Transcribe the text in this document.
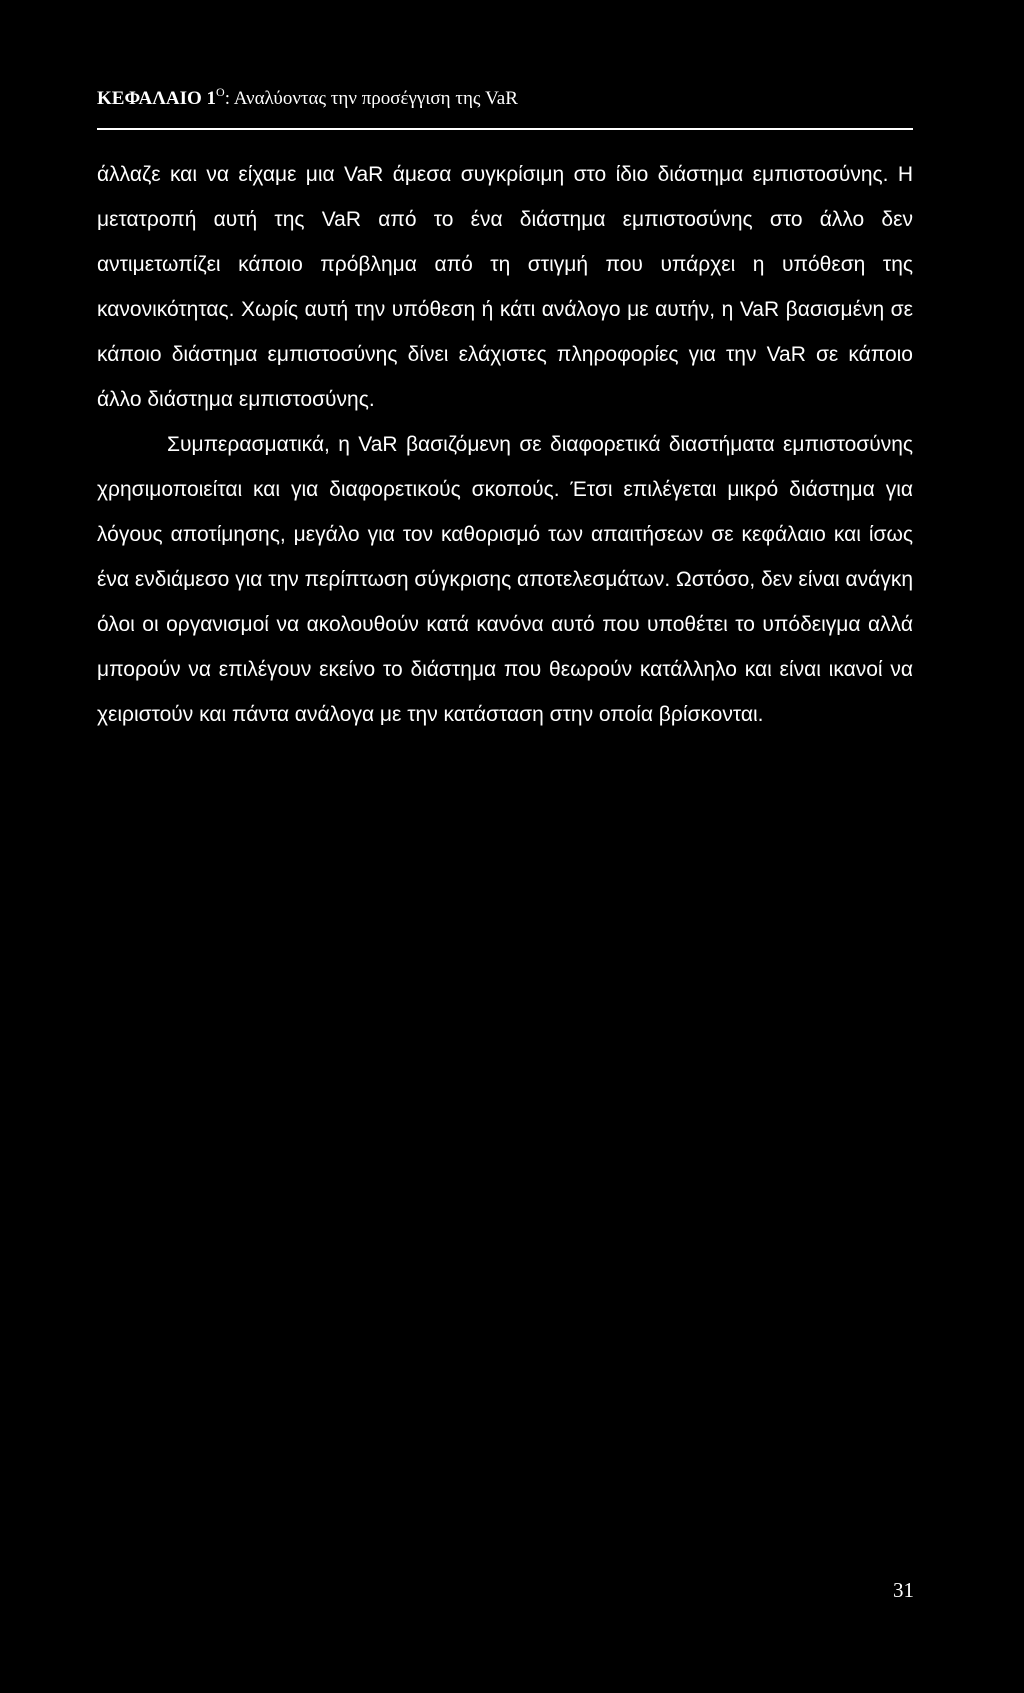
ΚΕΦΑΛΑΙΟ $1^O$: Αναλύοντας την προσέγγιση της VaR

άλλαζε και να είχαμε μια VaR άμεσα συγκρίσιμη στο ίδιο διάστημα εμπιστοσύνης. Η μετατροπή αυτή της VaR από το ένα διάστημα εμπιστοσύνης στο άλλο δεν αντιμετωπίζει κάποιο πρόβλημα από τη στιγμή που υπάρχει η υπόθεση της κανονικότητας. Χωρίς αυτή την υπόθεση ή κάτι ανάλογο με αυτήν, η VaR βασισμένη σε κάποιο διάστημα εμπιστοσύνης δίνει ελάχιστες πληροφορίες για την VaR σε κάποιο άλλο διάστημα εμπιστοσύνης.

Συμπερασματικά, η VaR βασιζόμενη σε διαφορετικά διαστήματα εμπιστοσύνης χρησιμοποιείται και για διαφορετικούς σκοπούς. Έτσι επιλέγεται μικρό διάστημα για λόγους αποτίμησης, μεγάλο για τον καθορισμό των απαιτήσεων σε κεφάλαιο και ίσως ένα ενδιάμεσο για την περίπτωση σύγκρισης αποτελεσμάτων. Ωστόσο, δεν είναι ανάγκη όλοι οι οργανισμοί να ακολουθούν κατά κανόνα αυτό που υποθέτει το υπόδειγμα αλλά μπορούν να επιλέγουν εκείνο το διάστημα που θεωρούν κατάλληλο και είναι ικανοί να χειριστούν και πάντα ανάλογα με την κατάσταση στην οποία βρίσκονται.

31
